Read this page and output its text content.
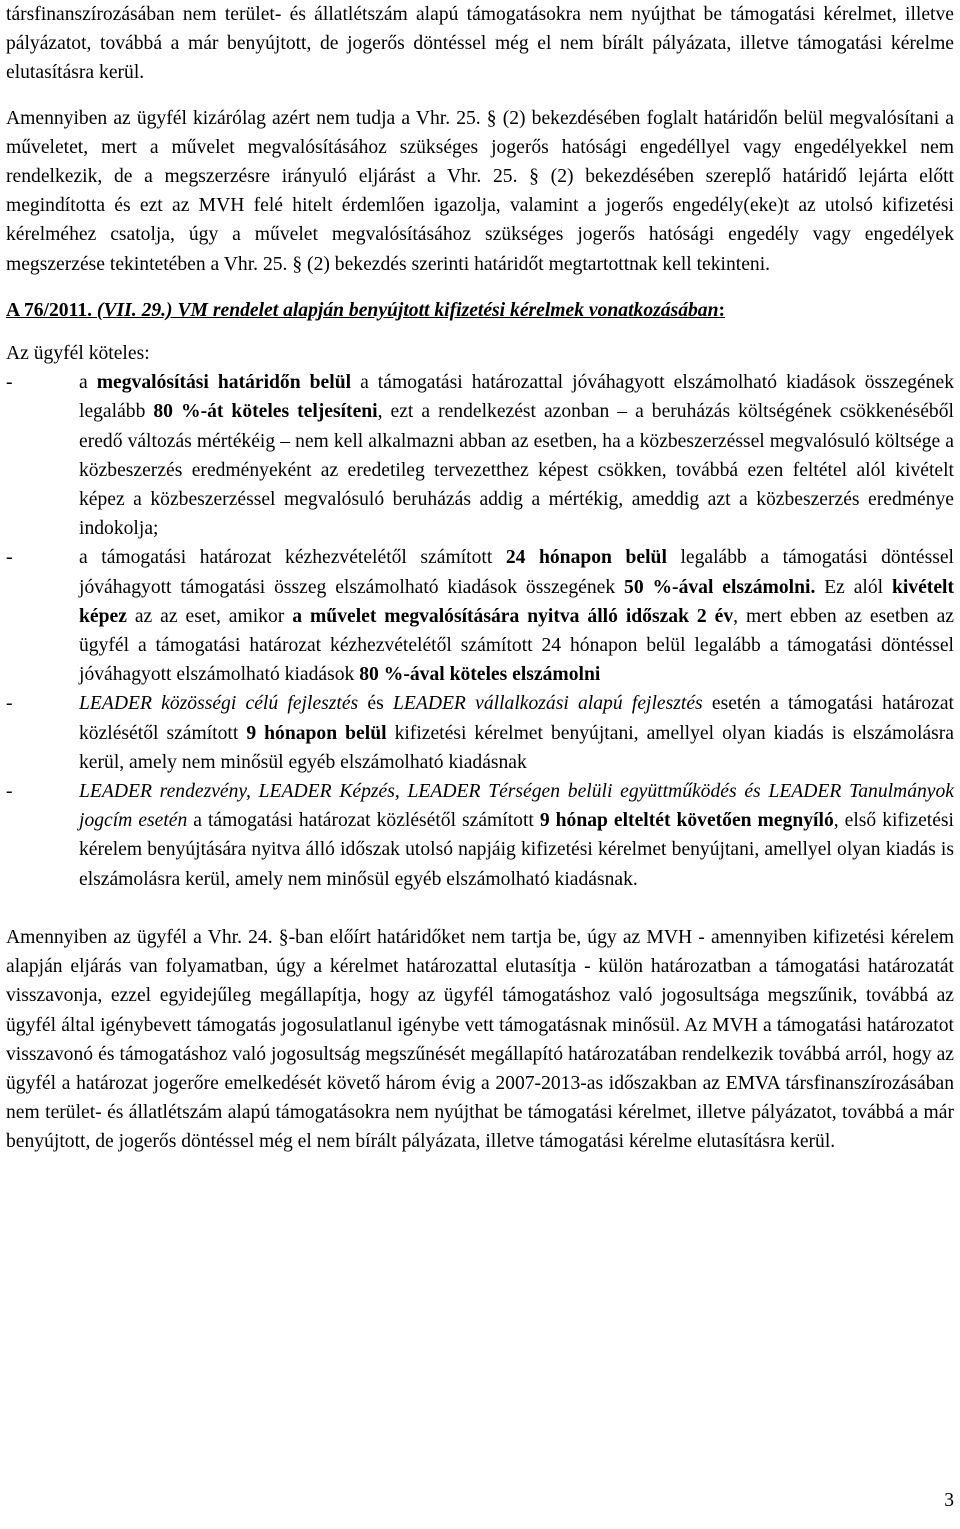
társfinanszírozásában nem terület- és állatlétszám alapú támogatásokra nem nyújthat be támogatási kérelmet, illetve pályázatot, továbbá a már benyújtott, de jogerős döntéssel még el nem bírált pályázata, illetve támogatási kérelme elutasításra kerül.

Amennyiben az ügyfél kizárólag azért nem tudja a Vhr. 25. § (2) bekezdésében foglalt határidőn belül megvalósítani a műveletet, mert a művelet megvalósításához szükséges jogerős hatósági engedéllyel vagy engedélyekkel nem rendelkezik, de a megszerzésre irányuló eljárást a Vhr. 25. § (2) bekezdésében szereplő határidő lejárta előtt megindította és ezt az MVH felé hitelt érdemlően igazolja, valamint a jogerős engedély(eke)t az utolsó kifizetési kérelméhez csatolja, úgy a művelet megvalósításához szükséges jogerős hatósági engedély vagy engedélyek megszerzése tekintetében a Vhr. 25. § (2) bekezdés szerinti határidőt megtartottnak kell tekinteni.

A 76/2011. (VII. 29.) VM rendelet alapján benyújtott kifizetési kérelmek vonatkozásában:
Az ügyfél köteles:
-	a megvalósítási határidőn belül a támogatási határozattal jóváhagyott elszámolható kiadások összegének legalább 80 %-át köteles teljesíteni, ezt a rendelkezést azonban – a beruházás költségének csökkenéséből eredő változás mértékéig – nem kell alkalmazni abban az esetben, ha a közbeszerzéssel megvalósuló költsége a közbeszerzés eredményeként az eredetileg tervezetthez képest csökken, továbbá ezen feltétel alól kivételt képez a közbeszerzéssel megvalósuló beruházás addig a mértékig, ameddig azt a közbeszerzés eredménye indokolja;
-	a támogatási határozat kézhezvételétől számított 24 hónapon belül legalább a támogatási döntéssel jóváhagyott támogatási összeg elszámolható kiadások összegének 50 %-ával elszámolni. Ez alól kivételt képez az az eset, amikor a művelet megvalósítására nyitva álló időszak 2 év, mert ebben az esetben az ügyfél a támogatási határozat kézhezvételétől számított 24 hónapon belül legalább a támogatási döntéssel jóváhagyott elszámolható kiadások 80 %-ával köteles elszámolni
-	LEADER közösségi célú fejlesztés és LEADER vállalkozási alapú fejlesztés esetén a támogatási határozat közlésétől számított 9 hónapon belül kifizetési kérelmet benyújtani, amellyel olyan kiadás is elszámolásra kerül, amely nem minősül egyéb elszámolható kiadásnak
-	LEADER rendezvény, LEADER Képzés, LEADER Térségen belüli együttműködés és LEADER Tanulmányok jogcím esetén a támogatási határozat közlésétől számított 9 hónap elteltét követően megnyíló, első kifizetési kérelem benyújtására nyitva álló időszak utolsó napjáig kifizetési kérelmet benyújtani, amellyel olyan kiadás is elszámolásra kerül, amely nem minősül egyéb elszámolható kiadásnak.

Amennyiben az ügyfél a Vhr. 24. §-ban előírt határidőket nem tartja be, úgy az MVH - amennyiben kifizetési kérelem alapján eljárás van folyamatban, úgy a kérelmet határozattal elutasítja - külön határozatban a támogatási határozatát visszavonja, ezzel egyidejűleg megállapítja, hogy az ügyfél támogatáshoz való jogosultsága megszűnik, továbbá az ügyfél által igénybevett támogatás jogosulatlanul igénybe vett támogatásnak minősül. Az MVH a támogatási határozatot visszavonó és támogatáshoz való jogosultság megszűnését megállapító határozatában rendelkezik továbbá arról, hogy az ügyfél a határozat jogerőre emelkedését követő három évig a 2007-2013-as időszakban az EMVA társfinanszírozásában nem terület- és állatlétszám alapú támogatásokra nem nyújthat be támogatási kérelmet, illetve pályázatot, továbbá a már benyújtott, de jogerős döntéssel még el nem bírált pályázata, illetve támogatási kérelme elutasításra kerül.

3
